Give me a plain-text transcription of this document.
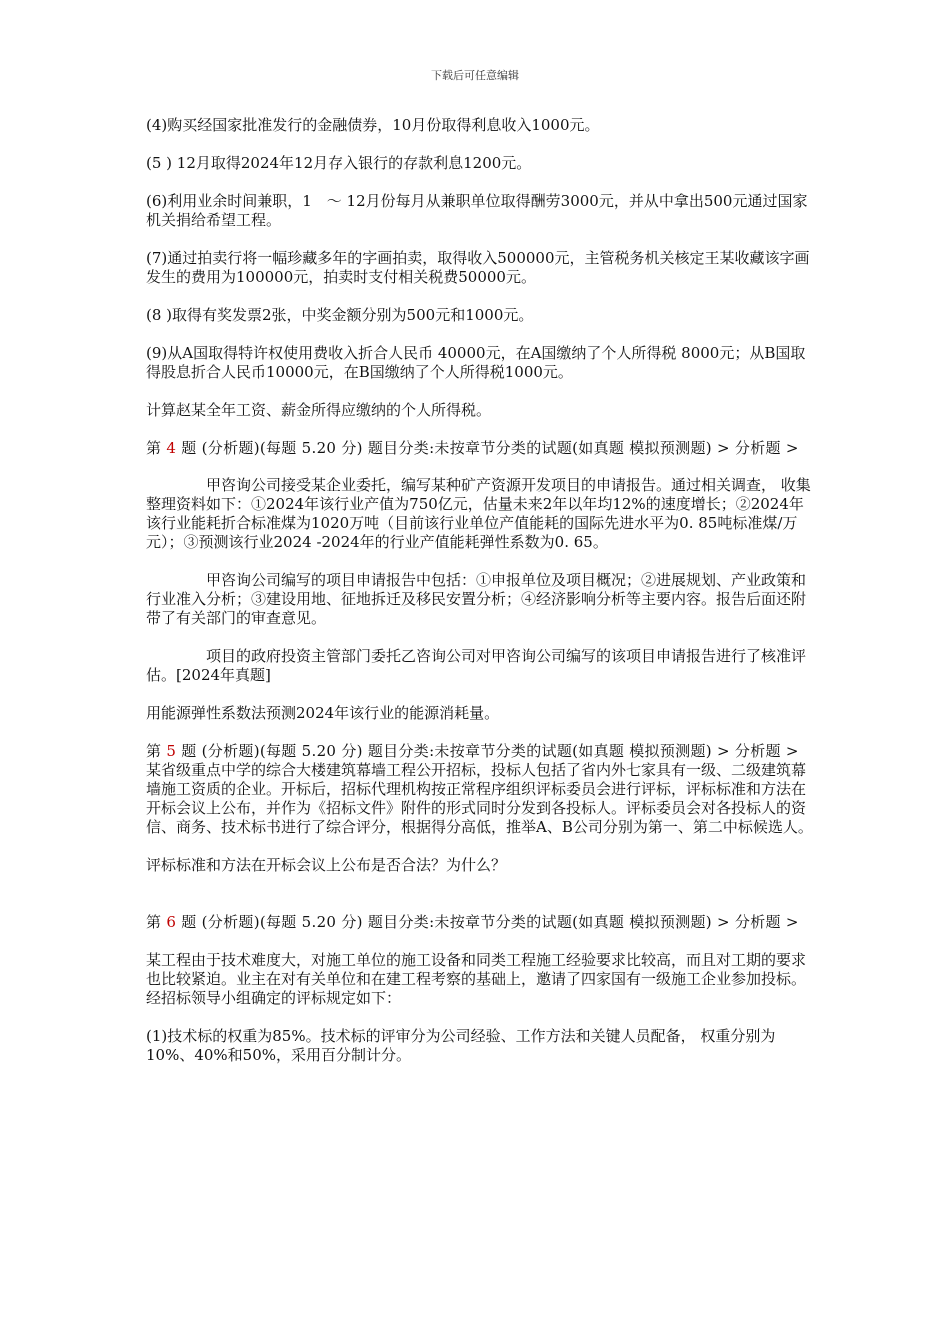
下载后可任意编辑

(4)购买经国家批准发行的金融债券，10月份取得利息收入1000元。

(5 ) 12月取得2024年12月存入银行的存款利息1200元。

(6)利用业余时间兼职，1　～ 12月份每月从兼职单位取得酬劳3000元，并从中拿出500元通过国家机关捐给希望工程。

(7)通过拍卖行将一幅珍藏多年的字画拍卖，取得收入500000元，主管税务机关核定王某收藏该字画发生的费用为100000元，拍卖时支付相关税费50000元。

(8 )取得有奖发票2张，中奖金额分别为500元和1000元。

(9)从A国取得特许权使用费收入折合人民币 40000元，在A国缴纳了个人所得税 8000元；从B国取得股息折合人民币10000元，在B国缴纳了个人所得税1000元。

计算赵某全年工资、薪金所得应缴纳的个人所得税。

第 4 题 (分析题)(每题 5.20 分) 题目分类:未按章节分类的试题(如真题 模拟预测题) > 分析题 >

甲咨询公司接受某企业委托，编写某种矿产资源开发项目的申请报告。通过相关调查， 收集整理资料如下：①2024年该行业产值为750亿元，估量未来2年以年均12%的速度增长；②2024年该行业能耗折合标准煤为1020万吨（目前该行业单位产值能耗的国际先进水平为0. 85吨标准煤/万元）；③预测该行业2024 -2024年的行业产值能耗弹性系数为0. 65。

甲咨询公司编写的项目申请报告中包括：①申报单位及项目概况；②进展规划、产业政策和行业准入分析；③建设用地、征地拆迁及移民安置分析；④经济影响分析等主要内容。报告后面还附带了有关部门的审查意见。

项目的政府投资主管部门委托乙咨询公司对甲咨询公司编写的该项目申请报告进行了核准评估。[2024年真题]

用能源弹性系数法预测2024年该行业的能源消耗量。

第 5 题 (分析题)(每题 5.20 分) 题目分类:未按章节分类的试题(如真题 模拟预测题) > 分析题 >

某省级重点中学的综合大楼建筑幕墙工程公开招标，投标人包括了省内外七家具有一级、二级建筑幕墙施工资质的企业。开标后，招标代理机构按正常程序组织评标委员会进行评标，评标标准和方法在开标会议上公布，并作为《招标文件》附件的形式同时分发到各投标人。评标委员会对各投标人的资信、商务、技术标书进行了综合评分，根据得分高低，推举A、B公司分别为第一、第二中标候选人。

评标标准和方法在开标会议上公布是否合法？为什么？

第 6 题 (分析题)(每题 5.20 分) 题目分类:未按章节分类的试题(如真题 模拟预测题) > 分析题 >

某工程由于技术难度大，对施工单位的施工设备和同类工程施工经验要求比较高，而且对工期的要求也比较紧迫。业主在对有关单位和在建工程考察的基础上，邀请了四家国有一级施工企业参加投标。经招标领导小组确定的评标规定如下：

(1)技术标的权重为85%。技术标的评审分为公司经验、工作方法和关键人员配备， 权重分别为10%、40%和50%，采用百分制计分。
